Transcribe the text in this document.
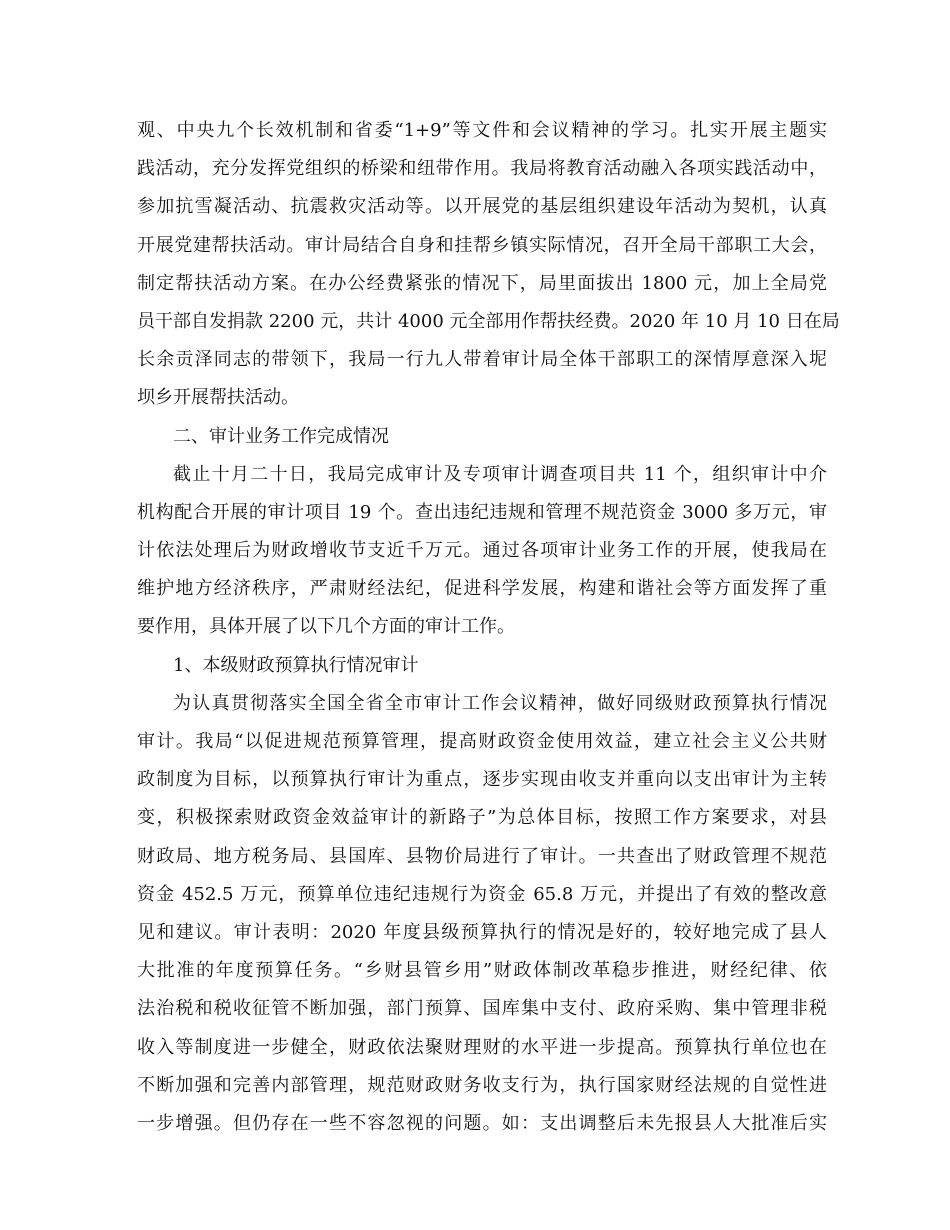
观、中央九个长效机制和省委“1+9”等文件和会议精神的学习。扎实开展主题实
践活动，充分发挥党组织的桥梁和纽带作用。我局将教育活动融入各项实践活动中，
参加抗雪凝活动、抗震救灾活动等。以开展党的基层组织建设年活动为契机，认真
开展党建帮扶活动。审计局结合自身和挂帮乡镇实际情况，召开全局干部职工大会，
制定帮扶活动方案。在办公经费紧张的情况下，局里面拔出 1800 元，加上全局党
员干部自发捐款 2200 元，共计 4000 元全部用作帮扶经费。2020 年 10 月 10 日在局
长余贡泽同志的带领下，我局一行九人带着审计局全体干部职工的深情厚意深入坭
坝乡开展帮扶活动。
二、审计业务工作完成情况
截止十月二十日，我局完成审计及专项审计调查项目共 11 个，组织审计中介
机构配合开展的审计项目 19 个。查出违纪违规和管理不规范资金 3000 多万元，审
计依法处理后为财政增收节支近千万元。通过各项审计业务工作的开展，使我局在
维护地方经济秩序，严肃财经法纪，促进科学发展，构建和谐社会等方面发挥了重
要作用，具体开展了以下几个方面的审计工作。
1、本级财政预算执行情况审计
为认真贯彻落实全国全省全市审计工作会议精神，做好同级财政预算执行情况
审计。我局“以促进规范预算管理，提高财政资金使用效益，建立社会主义公共财
政制度为目标，以预算执行审计为重点，逐步实现由收支并重向以支出审计为主转
变，积极探索财政资金效益审计的新路子”为总体目标，按照工作方案要求，对县
财政局、地方税务局、县国库、县物价局进行了审计。一共查出了财政管理不规范
资金 452.5 万元，预算单位违纪违规行为资金 65.8 万元，并提出了有效的整改意
见和建议。审计表明：2020 年度县级预算执行的情况是好的，较好地完成了县人
大批准的年度预算任务。“乡财县管乡用”财政体制改革稳步推进，财经纪律、依
法治税和税收征管不断加强，部门预算、国库集中支付、政府采购、集中管理非税
收入等制度进一步健全，财政依法聚财理财的水平进一步提高。预算执行单位也在
不断加强和完善内部管理，规范财政财务收支行为，执行国家财经法规的自觉性进
一步增强。但仍存在一些不容忽视的问题。如：支出调整后未先报县人大批准后实
